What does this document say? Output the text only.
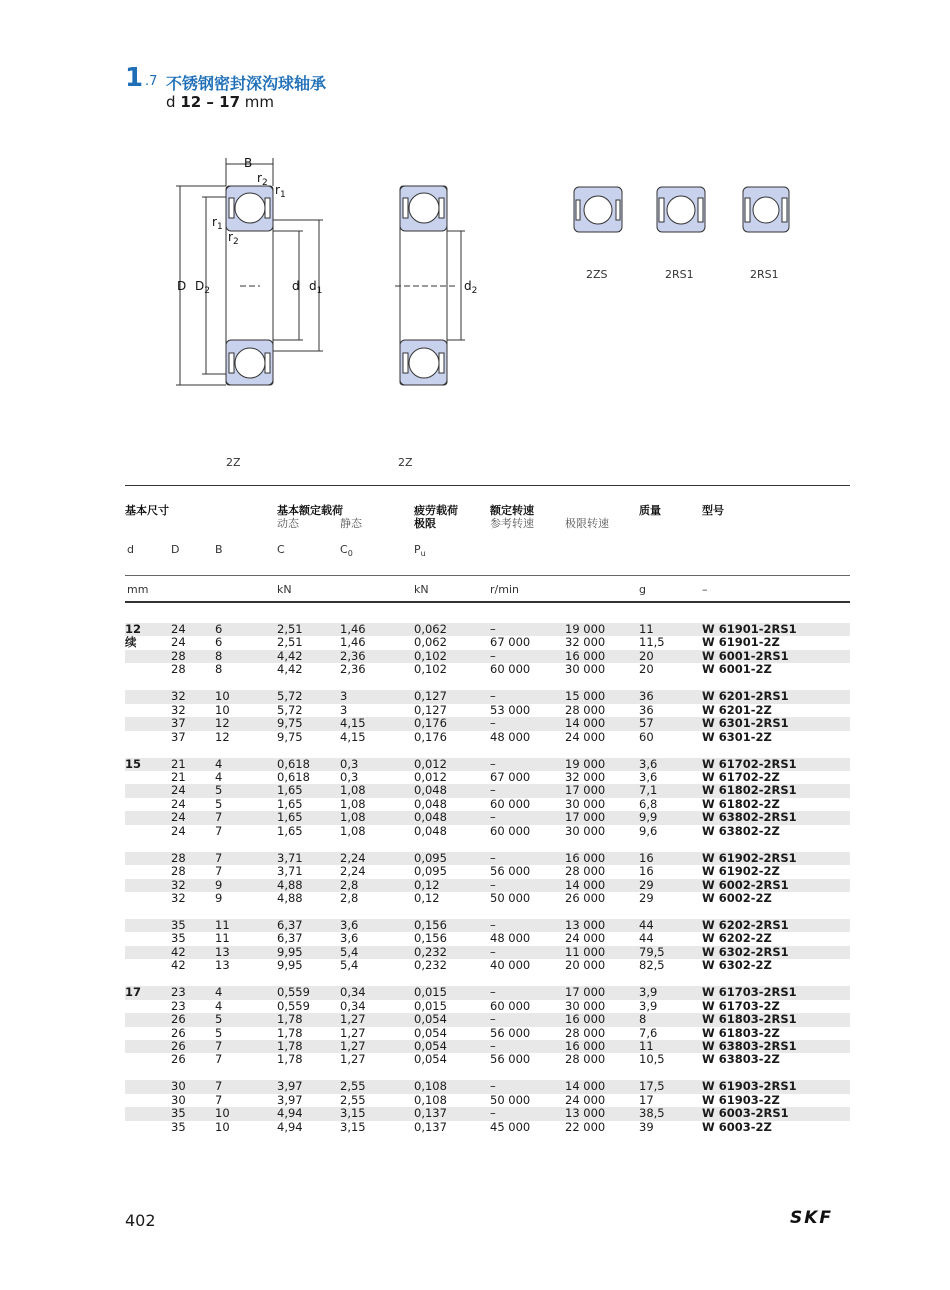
1 .7 不锈钢密封深沟球轴承
d 12 – 17 mm
B
$r_2$ $r_1$
$r_1$
$r_2$
D $D_2$	d $d_1$	$d_2$
2ZS	2RS1	2RS1
2Z	2Z
基本尺寸	基本额定载荷
动态	静态
疲劳载荷
极限
额定转速
参考转速	极限转速
质量	型号
d	D	B	C	$C_0$	$P_u$
mm	kN	kN	r/min	g	–
12	24	6	2,51	1,46	0,062	–	19 000	11	W 61901-2RS1
续	24	6	2,51	1,46	0,062	67 000	32 000	11,5	W 61901-2Z
	28	8	4,42	2,36	0,102	–	16 000	20	W 6001-2RS1
	28	8	4,42	2,36	0,102	60 000	30 000	20	W 6001-2Z

	32	10	5,72	3	0,127	–	15 000	36	W 6201-2RS1
	32	10	5,72	3	0,127	53 000	28 000	36	W 6201-2Z
	37	12	9,75	4,15	0,176	–	14 000	57	W 6301-2RS1
	37	12	9,75	4,15	0,176	48 000	24 000	60	W 6301-2Z

15	21	4	0,618	0,3	0,012	–	19 000	3,6	W 61702-2RS1
	21	4	0,618	0,3	0,012	67 000	32 000	3,6	W 61702-2Z
	24	5	1,65	1,08	0,048	–	17 000	7,1	W 61802-2RS1
	24	5	1,65	1,08	0,048	60 000	30 000	6,8	W 61802-2Z
	24	7	1,65	1,08	0,048	–	17 000	9,9	W 63802-2RS1
	24	7	1,65	1,08	0,048	60 000	30 000	9,6	W 63802-2Z

	28	7	3,71	2,24	0,095	–	16 000	16	W 61902-2RS1
	28	7	3,71	2,24	0,095	56 000	28 000	16	W 61902-2Z
	32	9	4,88	2,8	0,12	–	14 000	29	W 6002-2RS1
	32	9	4,88	2,8	0,12	50 000	26 000	29	W 6002-2Z

	35	11	6,37	3,6	0,156	–	13 000	44	W 6202-2RS1
	35	11	6,37	3,6	0,156	48 000	24 000	44	W 6202-2Z
	42	13	9,95	5,4	0,232	–	11 000	79,5	W 6302-2RS1
	42	13	9,95	5,4	0,232	40 000	20 000	82,5	W 6302-2Z

17	23	4	0,559	0,34	0,015	–	17 000	3,9	W 61703-2RS1
	23	4	0,559	0,34	0,015	60 000	30 000	3,9	W 61703-2Z
	26	5	1,78	1,27	0,054	–	16 000	8	W 61803-2RS1
	26	5	1,78	1,27	0,054	56 000	28 000	7,6	W 61803-2Z
	26	7	1,78	1,27	0,054	–	16 000	11	W 63803-2RS1
	26	7	1,78	1,27	0,054	56 000	28 000	10,5	W 63803-2Z

	30	7	3,97	2,55	0,108	–	14 000	17,5	W 61903-2RS1
	30	7	3,97	2,55	0,108	50 000	24 000	17	W 61903-2Z
	35	10	4,94	3,15	0,137	–	13 000	38,5	W 6003-2RS1
	35	10	4,94	3,15	0,137	45 000	22 000	39	W 6003-2Z
402	SKF
